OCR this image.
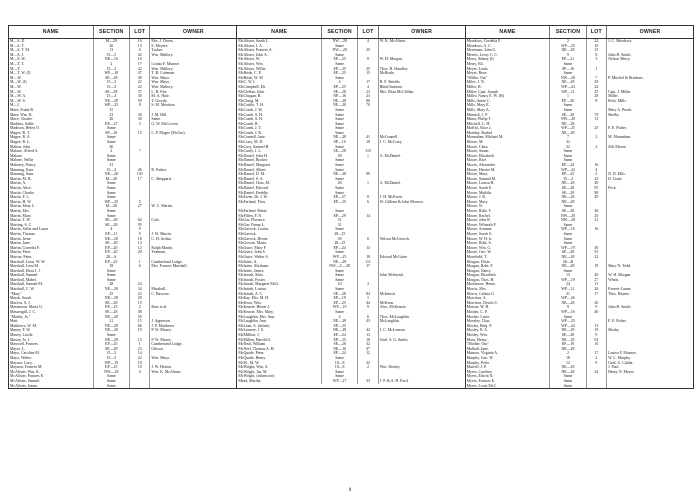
NAME	SECTION	LOT	OWNER
M—S. D	M—29	16	Mrs. J. Daves.
M—S. T.	26	13	S. Meyera.
M—S. T. M.	13	6	Tucker.
M—S. J.	15—5	42	Wm. Mallory.
M—S. W.	NE—16	10	
M—T. T.	2	17	Louisa F. Munroe.
M—T.	15—3	42	Wm. Mallory.
M—T. W. (I)	WP—18	47	T. B. Coleman.
M—W.	SE—28	49	Wm. Mayo.
M—W. (I)	15—3	22	Wm. Mayo.
M—W.	15—3	22	Wm. Mallory.
M—W.	SE—28	37	L. B. Fite.
M—W. A.	15—4	30	M. A. Hale.
M—W. S.	NE—28	59	T. Gowdy.
M—I.	WP—25	8	S. M. Meadors.
Maes, Frank R.	15		
Maes, Wm. R.	23	30	J. M. Hill.
Mace, Charlie.	26	30	Same.
Maddux, Sallie	EP—27	3	G. W. McCowen.
Madison, Helen O.	Same		
Magee, R. T.	SP—16	15	L. P. Magee (McGar).
Magee, R. A.	Same		
Magee, R. L.	Same		
Mahon, John	30		
Malone, Alfred A.	2	?	
Malone.	Same		
Malone, Nellie	Same		
Maloney, Nancy	31		
Manning, Kate	15—3	46	R. Parker.
Manning, Sam.	NE—28	103	
Martin, M. R.	M—28	17	C. Sheppard.
Martin, A.	Same		
Martin, Alice.	Same		
Martin, Charlie.	Same		
Martin, F. L.	Same		
Martin, H. W.	WP—25	5	
Martin, Mary L.	M—28	27	W. C. Martin.
Martin, Mrs.	Same		
Martin, Mary.	Same		
Martin, T. W.	SE—28	62	Cole.
Marting, S. C.	SE—28	95	
Martin, Sallie and Laura	4	9	
Martin, Thomas.	EP—11	9	J. W. Martin.
Martin, Irene.	NE—28	18	C. H. Arthur.
Martin, Jane.	SE—28	14	
Martin, Cornelia F.	EP—20	12	Ralph Martin.
Martin, Peter.	EP—20	29	Yeatman.
Marton, Peter.	28—A		
Marshall, Lieut. W. W.	EP—25	1	Cumberland Lodge.
Marshall, Lena M.	18	6	Mrs. Frances Marshall.
Marshall, Eliza J. J.	Same		
Marshall, Samuel.	Same		
Marshall, Mabel.	Same		
Marshall, Samuel M.	28	24	
Marshall, C. W.	NE—28	34	Marshall.
"Mary"	25	23	C. Bascom.
Marsh, Sarah.	NE—28	29	
Marlow, S. J.	SE—28	15	
Mastenson, Maria G.	EP—25	2	Bass et al.
Massengill, J. C.	SE—28	58	
"Mathis, Jo."	NE—28	50	
Matt.	21	15	J. Apperson.
Matthews, W. M.	NE—28	66	J. P. Matthews.
Maney, F. W.	NE—28	19	P. W. Maxey.
Maxey, Lucile.	Same		
Maxey, Jo. J.	NE—28	13	P. W. Maxey.
Maxwell, Frances.	EP—25	1	Cumberland Lodge.
Mayer, L.	SE—28	23	Gibson.
Mayo, Caroline M.	15—3	14	
Mayo, Walter.	15—5	22	Wm. Mayo.
Maynor, Lucy.	WP—19	10	
Maynon, Frances M.	EP—25	10	J. W. Horton.
McAlister, Wm. K.	NW—28	4	Wm. K. McAlister.
McAlister, Frances E.	Same		
McAlister, Samuel.	Same		
McAlister, James.	Same		
NAME	SECTION	LOT	OWNER
McAlister, Sarah L.	NW—28	4	W. K. McAlister.
McAlister, J. A.	Same		
McAlister, Frances A.	NW—28	25	
McAlister, John A.	Same		
McAlister, W.	EP—25	8	W. H. Morgan.
McAlister, Wm.	Same		
McAlister, Willie.	EP—25	25	Thos. H. Hundley.
McBride, C. P.	EP—25	15	McBride.
McBride, W. W.	Same		
McC, W. I.	4	17	B. F. Shields.
McCampbell, Eli.	EP—25	4	Blind Institute.
McClellan, John.	SE—28	23	Mrs. Eliza McClellan.
McClurgan, R.	NP—16	23	
McClung, M.	NE—28	86	
McCorkle, T. H.	NE—28	70	
McComb, J. W.	Same		
McComb, S. H.	Same		
McComb, S. H.	Same		
McComb, B.	Same		
McComb, J. T.	Same		
McComb, J. R.	Same		
McConnell, Jane.	NE—28	41	McConnell.
McCrary, M. D.	SP—16	18	J. C. McCrary.
McCroy, Samuel H.	Same		
McCurdy, J. L.	SE—28	110	
McDaniel, John H.	28	1	A. McDaniel.
McDaniel, Booker.	Same		
McDaniel, Margaret.	Same		
McDaniel, Albert.	Same		
McDaniel, D. M.	NE—28	99	
McDaniel, S. A.	Same		
McDaniel, Chas. M.	28	1	A. McDaniel.
McDaniel, Edward.	Same		
McDaniel, Freddie.	Same		
McEwen, Dr. J. W.	EP—27	8	J. H. McEwen.
McFarland, Thos.	EP—25	6	W. Gilliam & John Morrow.

McFarland, Rabie.	Same		
McFillen, F. N.	EP—29	14	
McGar, Florence.	31		
McGar, Fanny L.	31		
McGavock, Louisa.	Same		
McGavock.	28—D		
McGavock, Hester.	30	6	Nelson McGavock.
McGowan, Maria.	28—D		
McGuire, Mary F.	EP—24	13	
McGuire, John S.	Same		
McGuire, Walter S.	WP—25	18	Edward McGuire.
McIntire, A.	NE—28	111	
McIntire, Abraham.	NW—C—28	17	
McIntire, James.	Same		
McIntosh, Silas.	Same		John McIntosh.
McIntosh, Foster.	Same		
McIntosh, Margaret McG.	10	3	
McIntosh, Louisa.	Same		
McIntosh, A. C.	SE—28	84	McIntosh.
McKay, Eliz. M. H.	EP—19	1	
McKeon, Wm.	EP—25	44	McKeon.
McKenzie, Hester J.	WP—19	9	Alex. McKenzie.
McKenzie, Mrs. Mary.	Same		
McLaughlin, Mrs. Ann.	2	6	Thos. McLaughlin.
McLaughlin, Ann.	NE—28	43	McLaughlin.
McLean, A. (infant)	EP—25		
McLemore, J. S.	NE—28	42	J. C. McLemore.
McMillion, J.	EP—24	13	
McMillen, Harold G.	EP—25	18	Genl. S. G. Smith.
McNeal, William.	SE—28	32	
McNeel, Thomas A. H.	NE—16	47	
McQuade, Peter.	EP—24	12	
McQuade, Henry.	Same		
McW., M. W.	18—8	32	
McWright, Wm. A.	18—8	2	Wm. Shirley.
McWright, Jas. M.	Same		
McWright, (infant son)	Same		
Mead, Martha.	WP—27	33	J. P. & A. H. Ford.
NAME	SECTION	LOT	OWNER
Meadows, Cordelia F.	2	22	J. C. Meadows.
Meadows, A. C.	WP—25	10	
Merriman, John G.	NE—28	15	
Merritt, Leroy C. C.	9	8	John H. Smith.
Merry, Sidney (I)	EP—21	3	Nelson Merry.
Merry, Eli.	Same		
Meyer, Louis.	SP—16	1	
Meyer, Rose.	Same		
"Miller, Our"	NW—28	7	P. Mitchel & Bradeuts.
Miles, J. N.	NE—28	39	
Miller, R.	WP—24	22	
Miller, Capt. Joseph	WP—11	25	Capt. J. Miller.
Miller, Nancy E. W. (B)	1	28	Miller.
Mills, Annie C.	EP—20	8	Robt. Mills.
Mills, Mary E.	Same		
Mills, Mary A.	Same		Mary A. Peach.
Minnick, J. P.	SE—28	79	Shelby.
Minor, Philip T.	NW—28	13	
Mitchell, C. H.	NE—28		
Moffitt, Alice J.	WP—25	25	F. E. Fisher.
Monday, Rachel.	NE—28		
Monnahan, Michael M.	7	2	M. Monnahan.
Moore, M.	32		
Moore, Clara.	32	2	Zile Moore.
Moore, Susan.	Same		
Moore, Elizabeth.	Same		
Moore, Rice.	Same		
Moore, Alexander.	EP—24	16	
Moore, Harriet M.	WP—24	4	
Moore, Mary.	EP—25	5	N. D. Ellis.
Moore, Samuel M.	15—4	22	D. Goad.
Moore, Louisa H.	NE—28	40	
Moore, Sarah E.	SE—28	85	Peck.
Moore, Matilda.	SE—28	88	
Moore, J. R.	NE—28	49	
Moore, Mary.	NE—28		
Moore, W.	Same		
Moore, Robt. V.	SE—28	46	
Moore, Rachel.	NW—28	20	
Moore, John R.	NW—28	31	
Moore, Wilmoth F.	Same		
Moore, Arianna.	WP—16	16	
Moore, Sarah S.	Same		
Moore, W. H. Jr.	Same		
Moore, Robt. S.	Same		
Moore, Wm. C.	WP—19	30	
Moore, Geo. W.	SE—28	91	
Morefield, T.	NE—28	22	
Morgan, Dixie.	28—B		
Morgan, Robt. F.	NE—28	19	Mary N. Todd.
Morgan, Nancy.	Same		
Morgan, Elizabeth.	15	20	W. H. Morgan.
Morgan, Thos. H.	WP—19	27	Wheat.
Mortimore, Henry.	24	11	
Morris, Mrs.	WP—11	26	Everett-Lanier.
Morris, Calista G.	31	17	Thos. Haynie.
Morrison, A.	WP—26		
Morrison, Dewitt C.	NE—28	20	
Morton, W. H.	9	9	John H. Smith.
Mosher, C. P.	WP—16	40	
Mosher, Lucie.	Same		
Moseley, Chas.	WP—25		F. E. Fisher.
Mosley, Benj. F.	WP—24	13	
Mosley, E. A.	NE—28	19	Mosby.
Mosley, Wm.	SE—28	9	
Moss, Henry.	NE—28	92	
"Mother, Our"	EP—19	10	
Mulhall, Jane.	NE—28		
Munroe, Virginia A.	2	17	Louisa F. Munroe.
Murphy, Geo. W.	18	2	W. L. Murphy.
Murphy, Peter.	12	9	Genl. G. Cabler.
Murrell, J. P.	NE—28		J. Paul.
Myers, Caroline.	NE—28	24	Henry N. Myers.
Myers, Edwin N.	Same		
Myers, Frances E.	Same		
Myers, Louis McC.	Same		
8
